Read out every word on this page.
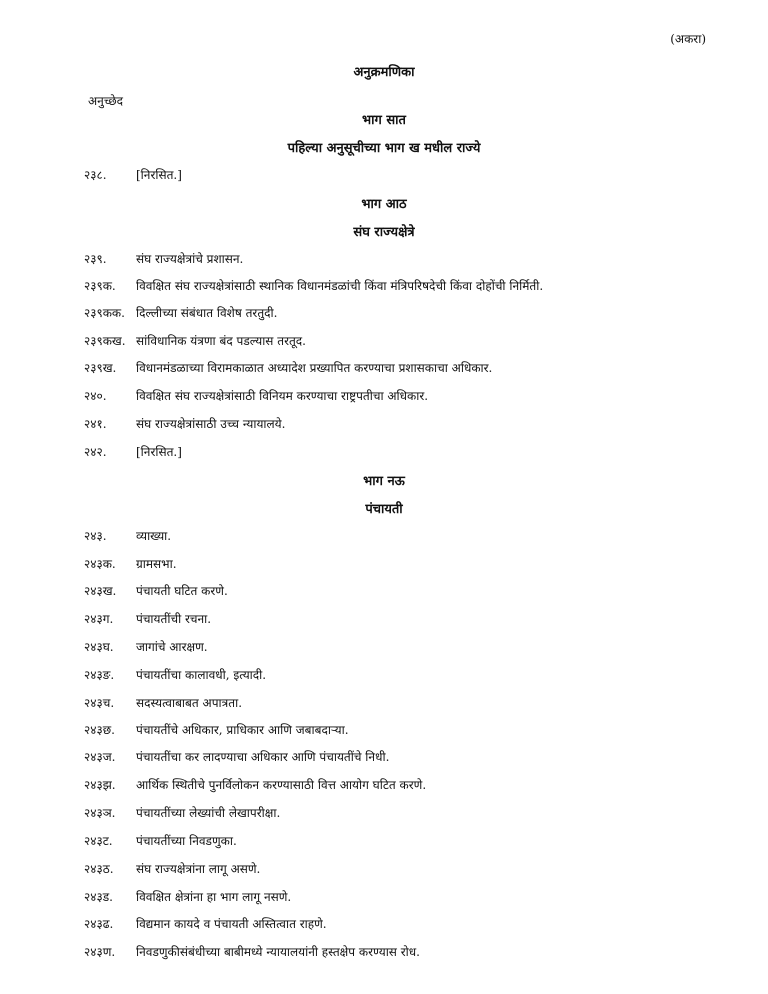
(अकरा)
अनुक्रमणिका
अनुच्छेद
भाग सात
पहिल्या अनुसूचीच्या भाग ख मधील राज्ये
२३८. [निरसित.]
भाग आठ
संघ राज्यक्षेत्रे
२३९. संघ राज्यक्षेत्रांचे प्रशासन.
२३९क. विवक्षित संघ राज्यक्षेत्रांसाठी स्थानिक विधानमंडळांची किंवा मंत्रिपरिषदेची किंवा दोहोंची निर्मिती.
२३९कक. दिल्लीच्या संबंधात विशेष तरतुदी.
२३९कख. सांविधानिक यंत्रणा बंद पडल्यास तरतूद.
२३९ख. विधानमंडळाच्या विरामकाळात अध्यादेश प्रख्यापित करण्याचा प्रशासकाचा अधिकार.
२४०. विवक्षित संघ राज्यक्षेत्रांसाठी विनियम करण्याचा राष्ट्रपतीचा अधिकार.
२४१. संघ राज्यक्षेत्रांसाठी उच्च न्यायालये.
२४२. [निरसित.]
भाग नऊ
पंचायती
२४३. व्याख्या.
२४३क. ग्रामसभा.
२४३ख. पंचायती घटित करणे.
२४३ग. पंचायतींची रचना.
२४३घ. जागांचे आरक्षण.
२४३ङ. पंचायतींचा कालावधी, इत्यादी.
२४३च. सदस्यत्वाबाबत अपात्रता.
२४३छ. पंचायतींचे अधिकार, प्राधिकार आणि जबाबदाऱ्या.
२४३ज. पंचायतींचा कर लादण्याचा अधिकार आणि पंचायतींचे निधी.
२४३झ. आर्थिक स्थितीचे पुनर्विलोकन करण्यासाठी वित्त आयोग घटित करणे.
२४३ञ. पंचायतींच्या लेख्यांची लेखापरीक्षा.
२४३ट. पंचायतींच्या निवडणुका.
२४३ठ. संघ राज्यक्षेत्रांना लागू असणे.
२४३ड. विवक्षित क्षेत्रांना हा भाग लागू नसणे.
२४३ढ. विद्यमान कायदे व पंचायती अस्तित्वात राहणे.
२४३ण. निवडणुकीसंबंधीच्या बाबीमध्ये न्यायालयांनी हस्तक्षेप करण्यास रोध.
